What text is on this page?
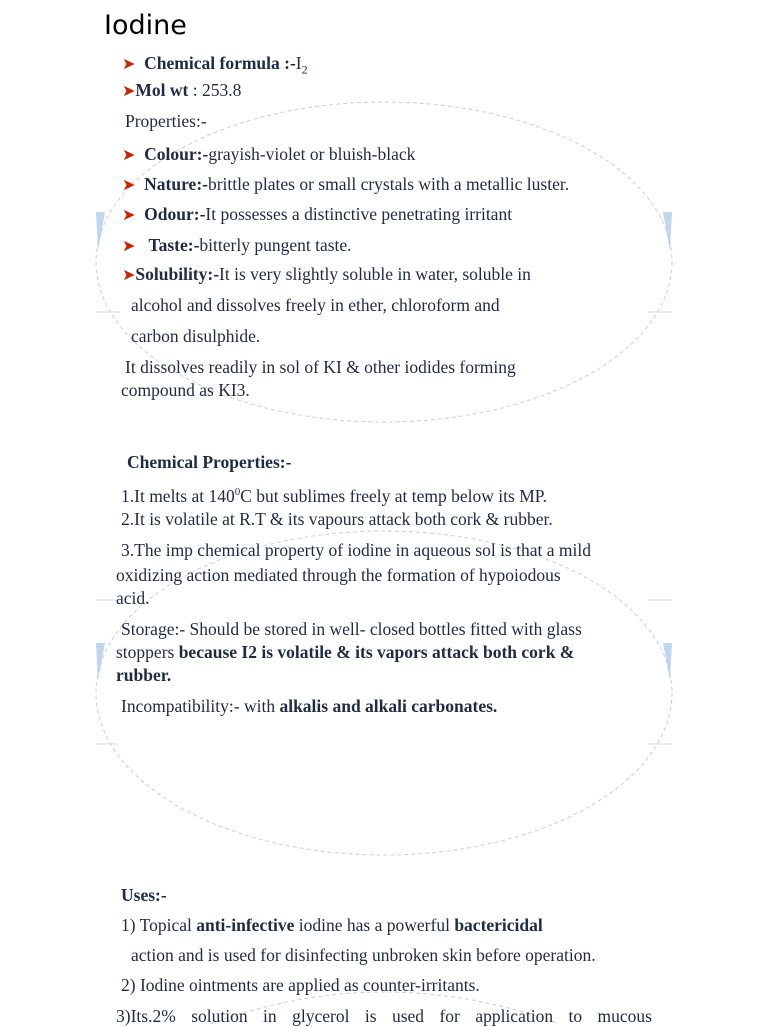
Iodine
➤ Chemical formula $:-I_2$
➤Mol wt : 253.8
Properties:-
➤ Colour:-grayish-violet or bluish-black
➤ Nature:-brittle plates or small crystals with a metallic luster.
➤ Odour:-It possesses a distinctive penetrating irritant
➤ Taste:-bitterly pungent taste.
➤Solubility:-It is very slightly soluble in water, soluble in
alcohol and dissolves freely in ether, chloroform and
carbon disulphide.
It dissolves readily in sol of KI & other iodides forming
compound as KI3.
Chemical Properties:-
1.It melts at $140^0C$ but sublimes freely at temp below its MP.
2.It is volatile at R.T & its vapours attack both cork & rubber.
3.The imp chemical property of iodine in aqueous sol is that a mild
oxidizing action mediated through the formation of hypoiodous
acid.
Storage:- Should be stored in well- closed bottles fitted with glass
stoppers because I2 is volatile & its vapors attack both cork &
rubber.
Incompatibility:- with alkalis and alkali carbonates.
Uses:-
1) Topical anti-infective iodine has a powerful bactericidal
action and is used for disinfecting unbroken skin before operation.
2) Iodine ointments are applied as counter-irritants.
3)Its.2% solution in glycerol is used for application to mucous
